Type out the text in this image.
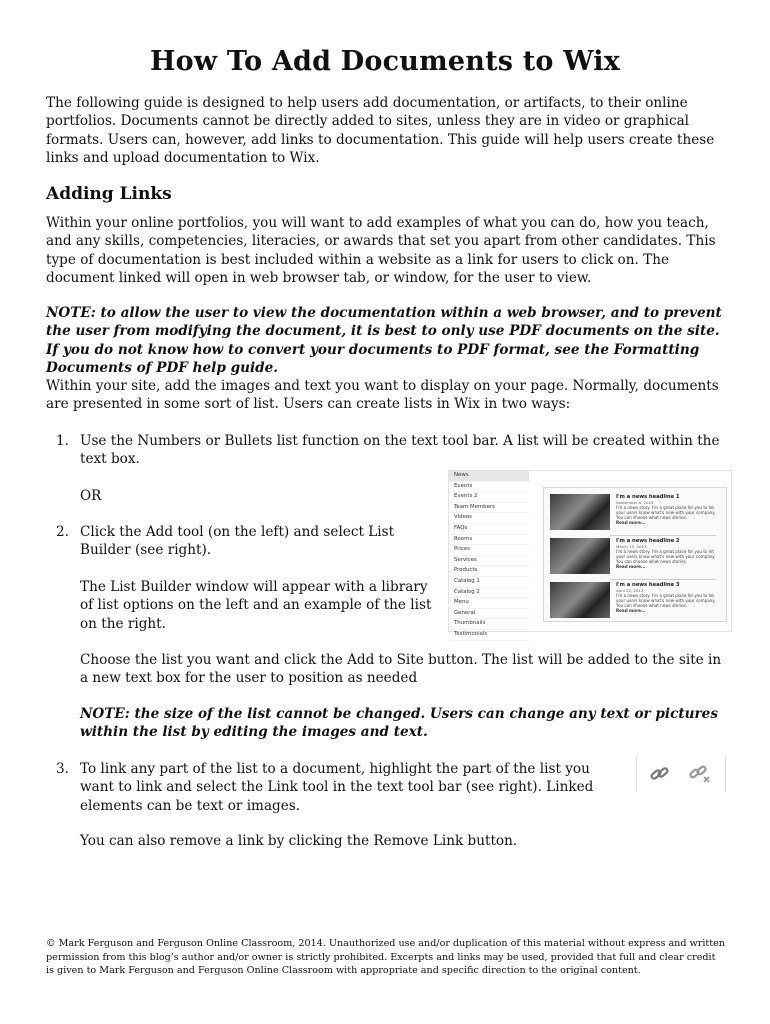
How To Add Documents to Wix

The following guide is designed to help users add documentation, or artifacts, to their online portfolios. Documents cannot be directly added to sites, unless they are in video or graphical formats. Users can, however, add links to documentation. This guide will help users create these links and upload documentation to Wix.

Adding Links

Within your online portfolios, you will want to add examples of what you can do, how you teach, and any skills, competencies, literacies, or awards that set you apart from other candidates. This type of documentation is best included within a website as a link for users to click on. The document linked will open in web browser tab, or window, for the user to view.

NOTE: to allow the user to view the documentation within a web browser, and to prevent the user from modifying the document, it is best to only use PDF documents on the site. If you do not know how to convert your documents to PDF format, see the Formatting Documents of PDF help guide.

Within your site, add the images and text you want to display on your page. Normally, documents are presented in some sort of list. Users can create lists in Wix in two ways:

1. Use the Numbers or Bullets list function on the text tool bar. A list will be created within the text box.

OR

2. Click the Add tool (on the left) and select List Builder (see right).

The List Builder window will appear with a library of list options on the left and an example of the list on the right.

Choose the list you want and click the Add to Site button. The list will be added to the site in a new text box for the user to position as needed

NOTE: the size of the list cannot be changed. Users can change any text or pictures within the list by editing the images and text.

3. To link any part of the list to a document, highlight the part of the list you want to link and select the Link tool in the text tool bar (see right). Linked elements can be text or images.

You can also remove a link by clicking the Remove Link button.

News
Events
Events 2
Team Members
Videos
FAQs
Rooms
Prices
Services
Products
Catalog 1
Catalog 2
Menu
General
Thumbnails
Testimonials
I'm a news headline 1
September 6, 2012
I'm a news story. I'm a great place for you to let your users know what's new with your company. You can choose what news stories.
Read more...
I'm a news headline 2
March 15, 2013
I'm a news story. I'm a great place for you to let your users know what's new with your company. You can choose what news stories.
Read more...
I'm a news headline 3
April 22, 2012
I'm a news story. I'm a great place for you to let your users know what's new with your company. You can choose what news stories.
Read more...

© Mark Ferguson and Ferguson Online Classroom, 2014. Unauthorized use and/or duplication of this material without express and written permission from this blog’s author and/or owner is strictly prohibited. Excerpts and links may be used, provided that full and clear credit is given to Mark Ferguson and Ferguson Online Classroom with appropriate and specific direction to the original content.
